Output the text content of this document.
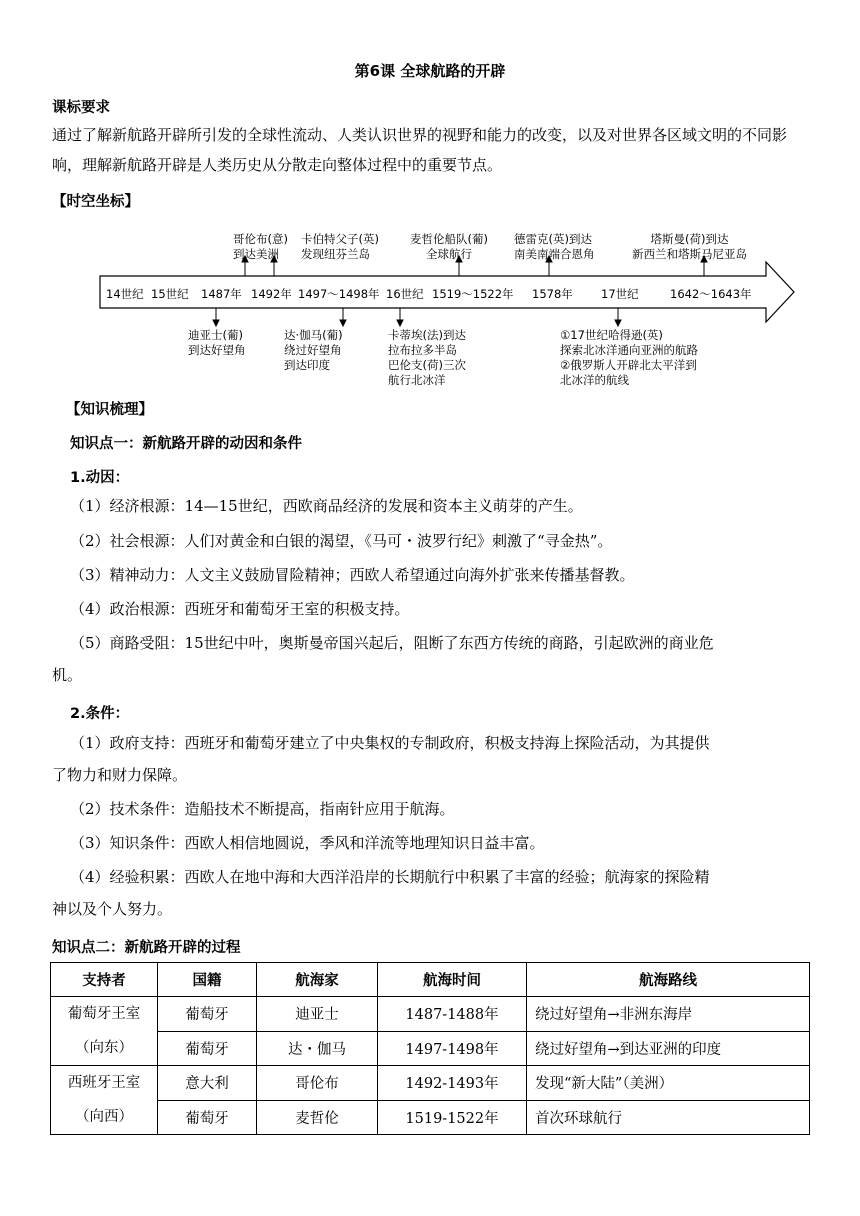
第6课 全球航路的开辟
课标要求
通过了解新航路开辟所引发的全球性流动、人类认识世界的视野和能力的改变，以及对世界各区域文明的不同影响，理解新航路开辟是人类历史从分散走向整体过程中的重要节点。
【时空坐标】
哥伦布(意)
到达美洲
卡伯特父子(英)
发现纽芬兰岛
麦哲伦船队(葡)
全球航行
德雷克(英)到达
南美南端合恩角
塔斯曼(荷)到达
新西兰和塔斯马尼亚岛
14世纪 15世纪 1487年 1492年 1497～1498年 16世纪 1519～1522年 1578年 17世纪	1642～1643年
迪亚士(葡)
到达好望角
达·伽马(葡)
绕过好望角
到达印度
卡蒂埃(法)到达
拉布拉多半岛
巴伦支(荷)三次
航行北冰洋
①17世纪哈得逊(英)
探索北冰洋通向亚洲的航路
②俄罗斯人开辟北太平洋到
北冰洋的航线
【知识梳理】
知识点一：新航路开辟的动因和条件
1.动因：
（1）经济根源：14—15世纪，西欧商品经济的发展和资本主义萌芽的产生。
（2）社会根源：人们对黄金和白银的渴望，《马可・波罗行纪》刺激了“寻金热”。
（3）精神动力：人文主义鼓励冒险精神；西欧人希望通过向海外扩张来传播基督教。
（4）政治根源：西班牙和葡萄牙王室的积极支持。
（5）商路受阻：15世纪中叶，奥斯曼帝国兴起后，阻断了东西方传统的商路，引起欧洲的商业危
机。
2.条件：
（1）政府支持：西班牙和葡萄牙建立了中央集权的专制政府，积极支持海上探险活动，为其提供
了物力和财力保障。
（2）技术条件：造船技术不断提高，指南针应用于航海。
（3）知识条件：西欧人相信地圆说，季风和洋流等地理知识日益丰富。
（4）经验积累：西欧人在地中海和大西洋沿岸的长期航行中积累了丰富的经验；航海家的探险精
神以及个人努力。
知识点二：新航路开辟的过程
支持者	国籍	航海家	航海时间	航海路线
葡萄牙王室
（向东）	葡萄牙	迪亚士	1487-1488年	绕过好望角→非洲东海岸
	葡萄牙	达・伽马	1497-1498年	绕过好望角→到达亚洲的印度
西班牙王室
（向西）	意大利	哥伦布	1492-1493年	发现“新大陆”（美洲）
	葡萄牙	麦哲伦	1519-1522年	首次环球航行
